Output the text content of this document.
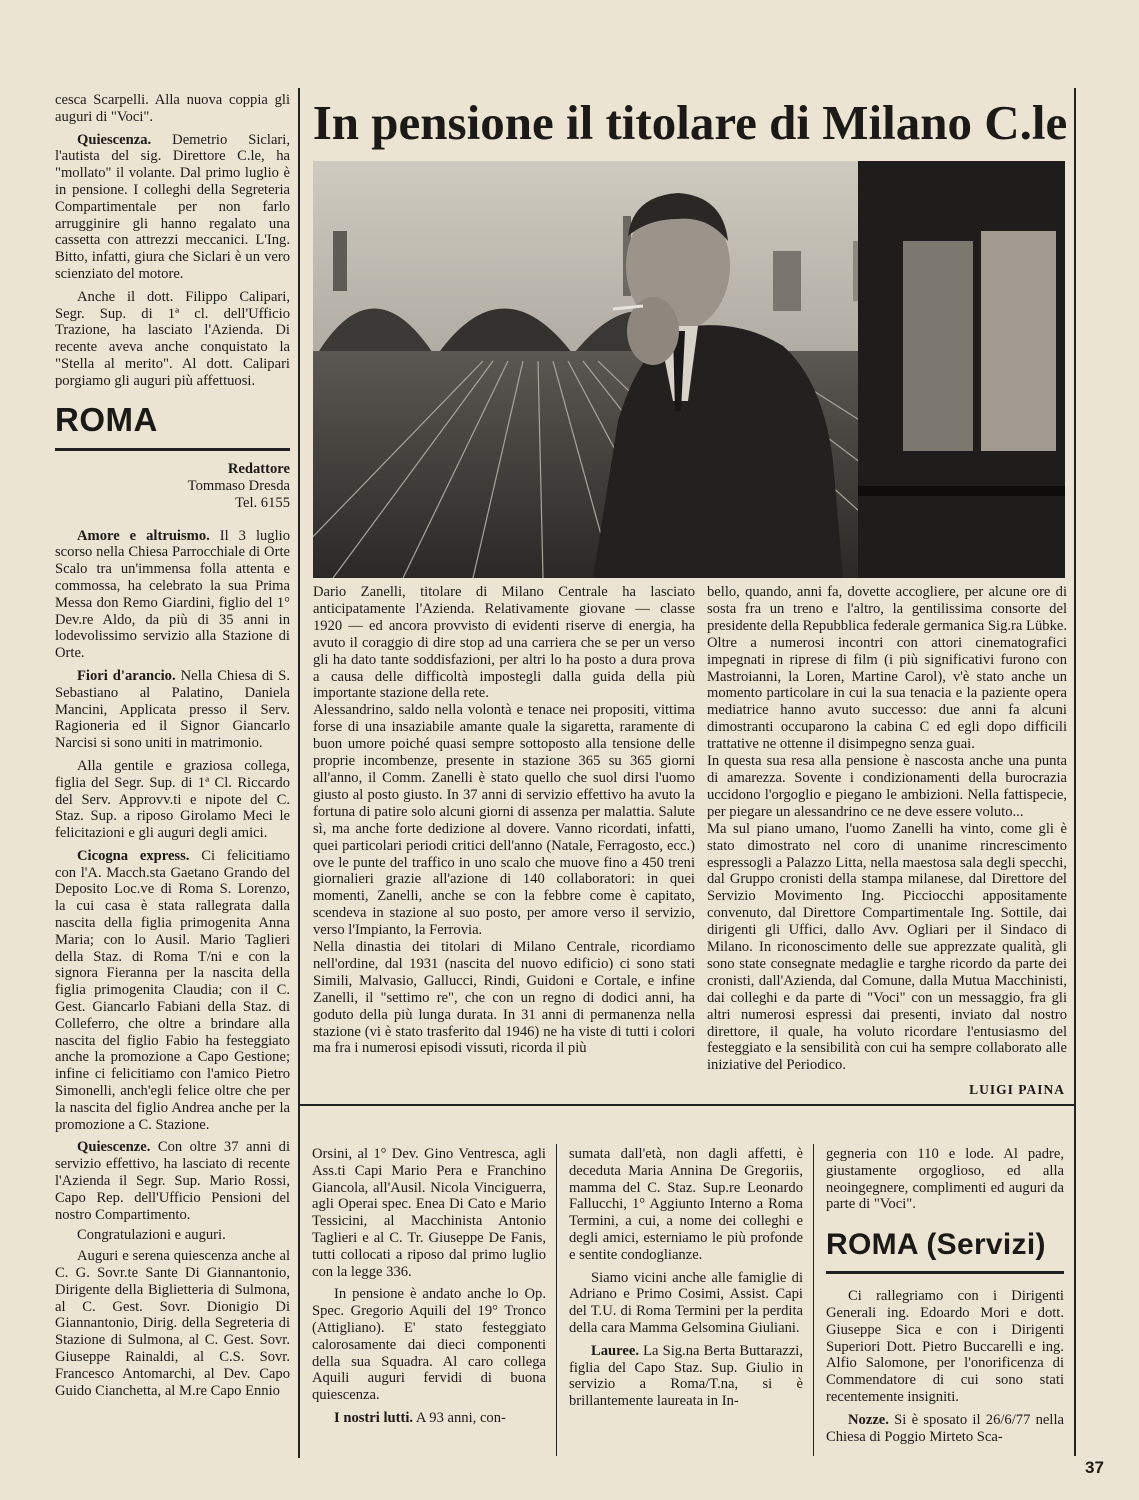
cesca Scarpelli. Alla nuova coppia gli auguri di "Voci".

Quiescenza. Demetrio Siclari, l'autista del sig. Direttore C.le, ha "mollato" il volante. Dal primo luglio è in pensione. I colleghi della Segreteria Compartimentale per non farlo arrugginire gli hanno regalato una cassetta con attrezzi meccanici. L'Ing. Bitto, infatti, giura che Siclari è un vero scienziato del motore.

Anche il dott. Filippo Calipari, Segr. Sup. di 1ª cl. dell'Ufficio Trazione, ha lasciato l'Azienda. Di recente aveva anche conquistato la "Stella al merito". Al dott. Calipari porgiamo gli auguri più affettuosi.

ROMA
Redattore
Tommaso Dresda
Tel. 6155

Amore e altruismo. Il 3 luglio scorso nella Chiesa Parrocchiale di Orte Scalo tra un'immensa folla attenta e commossa, ha celebrato la sua Prima Messa don Remo Giardini, figlio del 1° Dev.re Aldo, da più di 35 anni in lodevolissimo servizio alla Stazione di Orte.

Fiori d'arancio. Nella Chiesa di S. Sebastiano al Palatino, Daniela Mancini, Applicata presso il Serv. Ragioneria ed il Signor Giancarlo Narcisi si sono uniti in matrimonio.

Alla gentile e graziosa collega, figlia del Segr. Sup. di 1ª Cl. Riccardo del Serv. Approvv.ti e nipote del C. Staz. Sup. a riposo Girolamo Meci le felicitazioni e gli auguri degli amici.

Cicogna express. Ci felicitiamo con l'A. Macch.sta Gaetano Grando del Deposito Loc.ve di Roma S. Lorenzo, la cui casa è stata rallegrata dalla nascita della figlia primogenita Anna Maria; con lo Ausil. Mario Taglieri della Staz. di Roma T/ni e con la signora Fieranna per la nascita della figlia primogenita Claudia; con il C. Gest. Giancarlo Fabiani della Staz. di Colleferro, che oltre a brindare alla nascita del figlio Fabio ha festeggiato anche la promozione a Capo Gestione; infine ci felicitiamo con l'amico Pietro Simonelli, anch'egli felice oltre che per la nascita del figlio Andrea anche per la promozione a C. Stazione.

Quiescenze. Con oltre 37 anni di servizio effettivo, ha lasciato di recente l'Azienda il Segr. Sup. Mario Rossi, Capo Rep. dell'Ufficio Pensioni del nostro Compartimento.

Congratulazioni e auguri.

Auguri e serena quiescenza anche al C. G. Sovr.te Sante Di Giannantonio, Dirigente della Biglietteria di Sulmona, al C. Gest. Sovr. Dionigio Di Giannantonio, Dirig. della Segreteria di Stazione di Sulmona, al C. Gest. Sovr. Giuseppe Rainaldi, al C.S. Sovr. Francesco Antomarchi, al Dev. Capo Guido Cianchetta, al M.re Capo Ennio

In pensione il titolare di Milano C.le

Dario Zanelli, titolare di Milano Centrale ha lasciato anticipatamente l'Azienda. Relativamente giovane — classe 1920 — ed ancora provvisto di evidenti riserve di energia, ha avuto il coraggio di dire stop ad una carriera che se per un verso gli ha dato tante soddisfazioni, per altri lo ha posto a dura prova a causa delle difficoltà impostegli dalla guida della più importante stazione della rete.

Alessandrino, saldo nella volontà e tenace nei propositi, vittima forse di una insaziabile amante quale la sigaretta, raramente di buon umore poiché quasi sempre sottoposto alla tensione delle proprie incombenze, presente in stazione 365 su 365 giorni all'anno, il Comm. Zanelli è stato quello che suol dirsi l'uomo giusto al posto giusto. In 37 anni di servizio effettivo ha avuto la fortuna di patire solo alcuni giorni di assenza per malattia. Salute sì, ma anche forte dedizione al dovere. Vanno ricordati, infatti, quei particolari periodi critici dell'anno (Natale, Ferragosto, ecc.) ove le punte del traffico in uno scalo che muove fino a 450 treni giornalieri grazie all'azione di 140 collaboratori: in quei momenti, Zanelli, anche se con la febbre come è capitato, scendeva in stazione al suo posto, per amore verso il servizio, verso l'Impianto, la Ferrovia.

Nella dinastia dei titolari di Milano Centrale, ricordiamo nell'ordine, dal 1931 (nascita del nuovo edificio) ci sono stati Simili, Malvasio, Gallucci, Rindi, Guidoni e Cortale, e infine Zanelli, il "settimo re", che con un regno di dodici anni, ha goduto della più lunga durata. In 31 anni di permanenza nella stazione (vi è stato trasferito dal 1946) ne ha viste di tutti i colori ma fra i numerosi episodi vissuti, ricorda il più

bello, quando, anni fa, dovette accogliere, per alcune ore di sosta fra un treno e l'altro, la gentilissima consorte del presidente della Repubblica federale germanica Sig.ra Lübke. Oltre a numerosi incontri con attori cinematografici impegnati in riprese di film (i più significativi furono con Mastroianni, la Loren, Martine Carol), v'è stato anche un momento particolare in cui la sua tenacia e la paziente opera mediatrice hanno avuto successo: due anni fa alcuni dimostranti occuparono la cabina C ed egli dopo difficili trattative ne ottenne il disimpegno senza guai.

In questa sua resa alla pensione è nascosta anche una punta di amarezza. Sovente i condizionamenti della burocrazia uccidono l'orgoglio e piegano le ambizioni. Nella fattispecie, per piegare un alessandrino ce ne deve essere voluto...

Ma sul piano umano, l'uomo Zanelli ha vinto, come gli è stato dimostrato nel coro di unanime rincrescimento espressogli a Palazzo Litta, nella maestosa sala degli specchi, dal Gruppo cronisti della stampa milanese, dal Direttore del Servizio Movimento Ing. Picciocchi appositamente convenuto, dal Direttore Compartimentale Ing. Sottile, dai dirigenti gli Uffici, dallo Avv. Ogliari per il Sindaco di Milano. In riconoscimento delle sue apprezzate qualità, gli sono state consegnate medaglie e targhe ricordo da parte dei cronisti, dall'Azienda, dal Comune, dalla Mutua Macchinisti, dai colleghi e da parte di "Voci" con un messaggio, fra gli altri numerosi espressi dai presenti, inviato dal nostro direttore, il quale, ha voluto ricordare l'entusiasmo del festeggiato e la sensibilità con cui ha sempre collaborato alle iniziative del Periodico.

LUIGI PAINA

Orsini, al 1° Dev. Gino Ventresca, agli Ass.ti Capi Mario Pera e Franchino Giancola, all'Ausil. Nicola Vinciguerra, agli Operai spec. Enea Di Cato e Mario Tessicini, al Macchinista Antonio Taglieri e al C. Tr. Giuseppe De Fanis, tutti collocati a riposo dal primo luglio con la legge 336.

In pensione è andato anche lo Op. Spec. Gregorio Aquili del 19° Tronco (Attigliano). E' stato festeggiato calorosamente dai dieci componenti della sua Squadra. Al caro collega Aquili auguri fervidi di buona quiescenza.

I nostri lutti. A 93 anni, con-

sumata dall'età, non dagli affetti, è deceduta Maria Annina De Gregoriis, mamma del C. Staz. Sup.re Leonardo Fallucchi, 1° Aggiunto Interno a Roma Termini, a cui, a nome dei colleghi e degli amici, esterniamo le più profonde e sentite condoglianze.

Siamo vicini anche alle famiglie di Adriano e Primo Cosimi, Assist. Capi del T.U. di Roma Termini per la perdita della cara Mamma Gelsomina Giuliani.

Lauree. La Sig.na Berta Buttarazzi, figlia del Capo Staz. Sup. Giulio in servizio a Roma/T.na, si è brillantemente laureata in In-

gegneria con 110 e lode. Al padre, giustamente orgoglioso, ed alla neoingegnere, complimenti ed auguri da parte di "Voci".

ROMA (Servizi)

Ci rallegriamo con i Dirigenti Generali ing. Edoardo Mori e dott. Giuseppe Sica e con i Dirigenti Superiori Dott. Pietro Buccarelli e ing. Alfio Salomone, per l'onorificenza di Commendatore di cui sono stati recentemente insigniti.

Nozze. Si è sposato il 26/6/77 nella Chiesa di Poggio Mirteto Sca-

37
